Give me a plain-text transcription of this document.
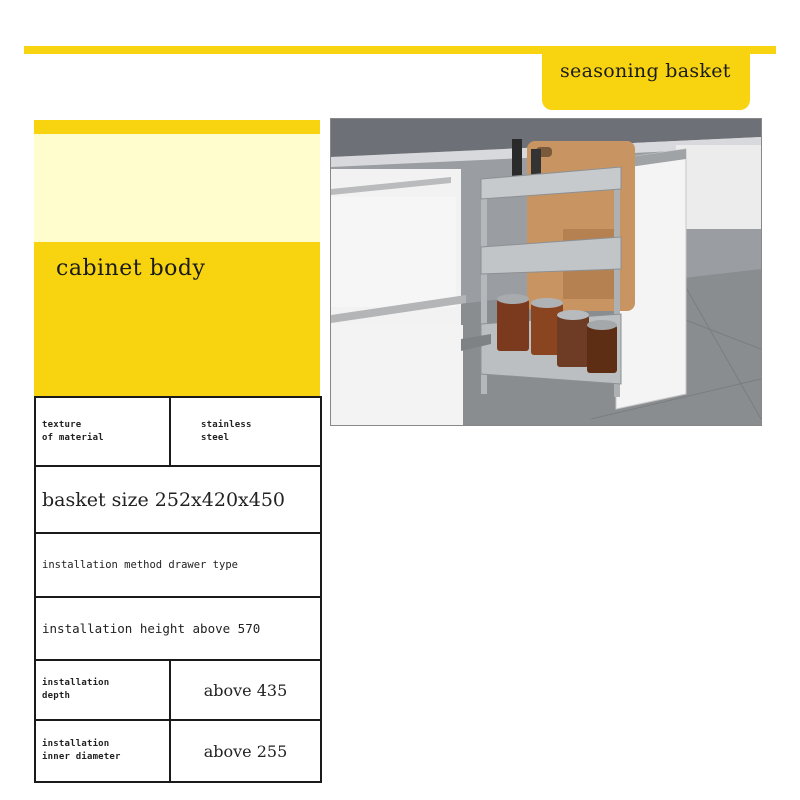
seasoning basket
cabinet body
texture
of material	stainless
steel
basket size 252x420x450	
installation method drawer type	
installation height above 570	
installation
depth	above 435
installation
inner diameter	above 255
